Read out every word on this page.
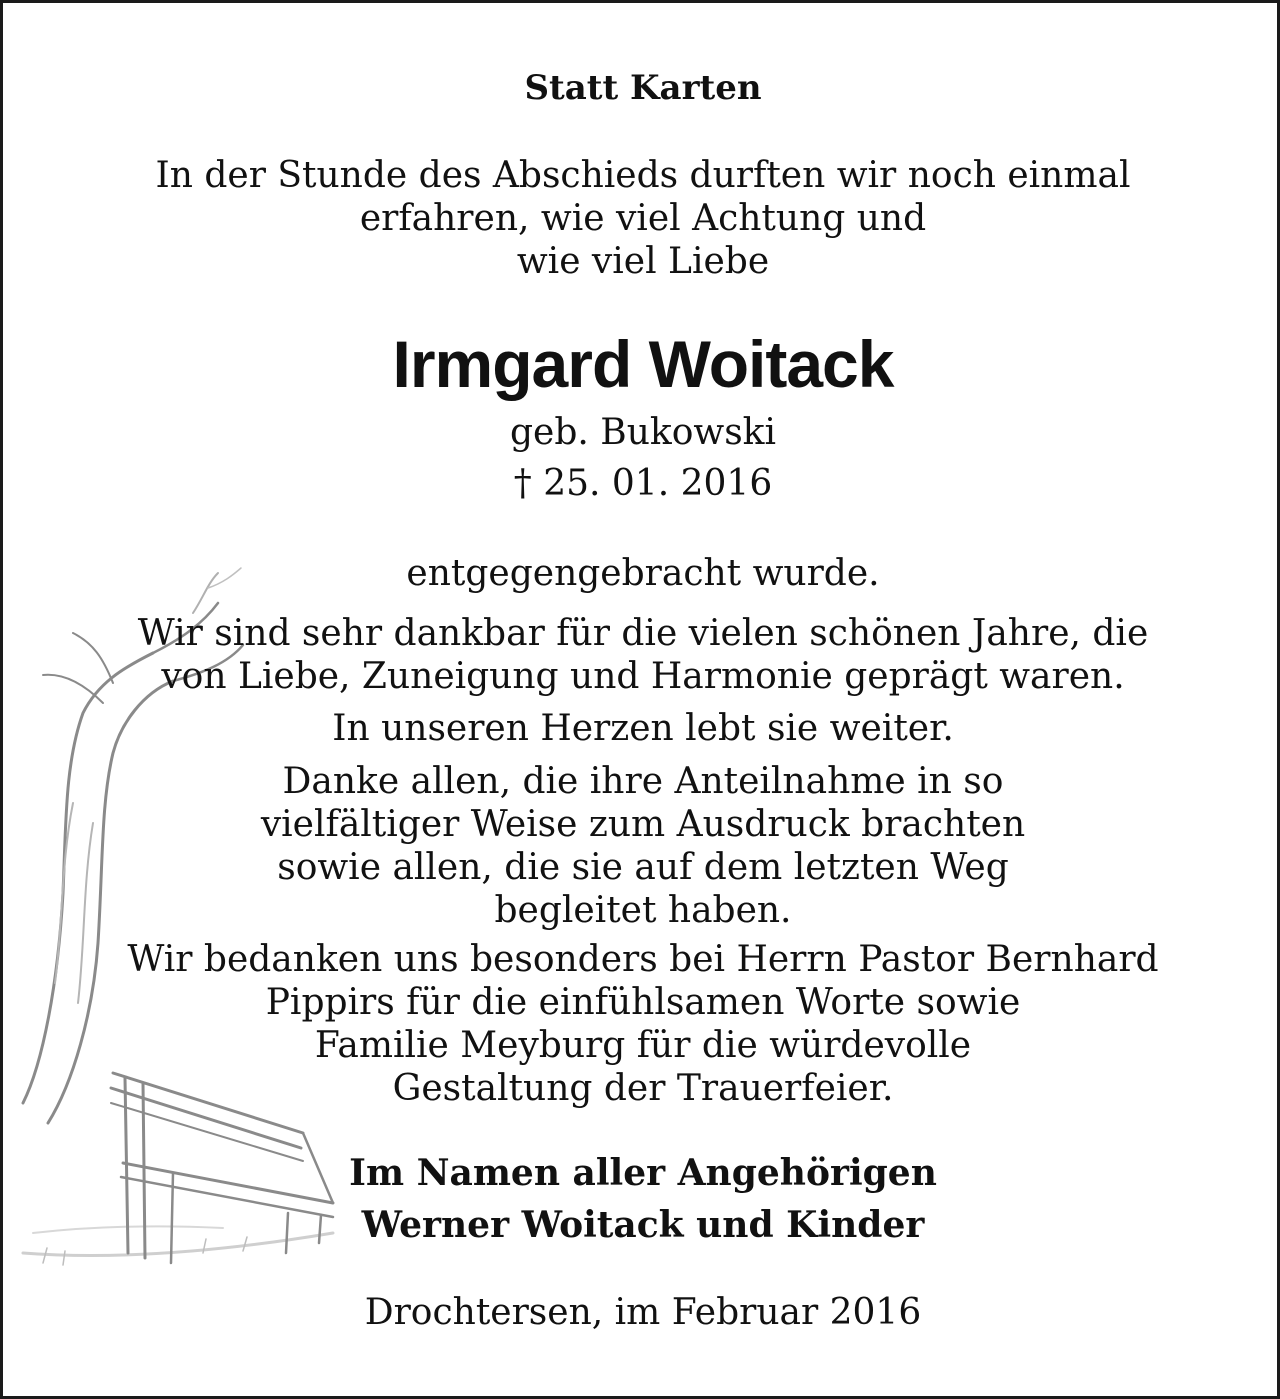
Statt Karten
In der Stunde des Abschieds durften wir noch einmal
erfahren, wie viel Achtung und
wie viel Liebe
Irmgard Woitack
geb. Bukowski
† 25. 01. 2016
entgegengebracht wurde.
Wir sind sehr dankbar für die vielen schönen Jahre, die
von Liebe, Zuneigung und Harmonie geprägt waren.
In unseren Herzen lebt sie weiter.
Danke allen, die ihre Anteilnahme in so
vielfältiger Weise zum Ausdruck brachten
sowie allen, die sie auf dem letzten Weg
begleitet haben.
Wir bedanken uns besonders bei Herrn Pastor Bernhard
Pippirs für die einfühlsamen Worte sowie
Familie Meyburg für die würdevolle
Gestaltung der Trauerfeier.
Im Namen aller Angehörigen
Werner Woitack und Kinder
Drochtersen, im Februar 2016
